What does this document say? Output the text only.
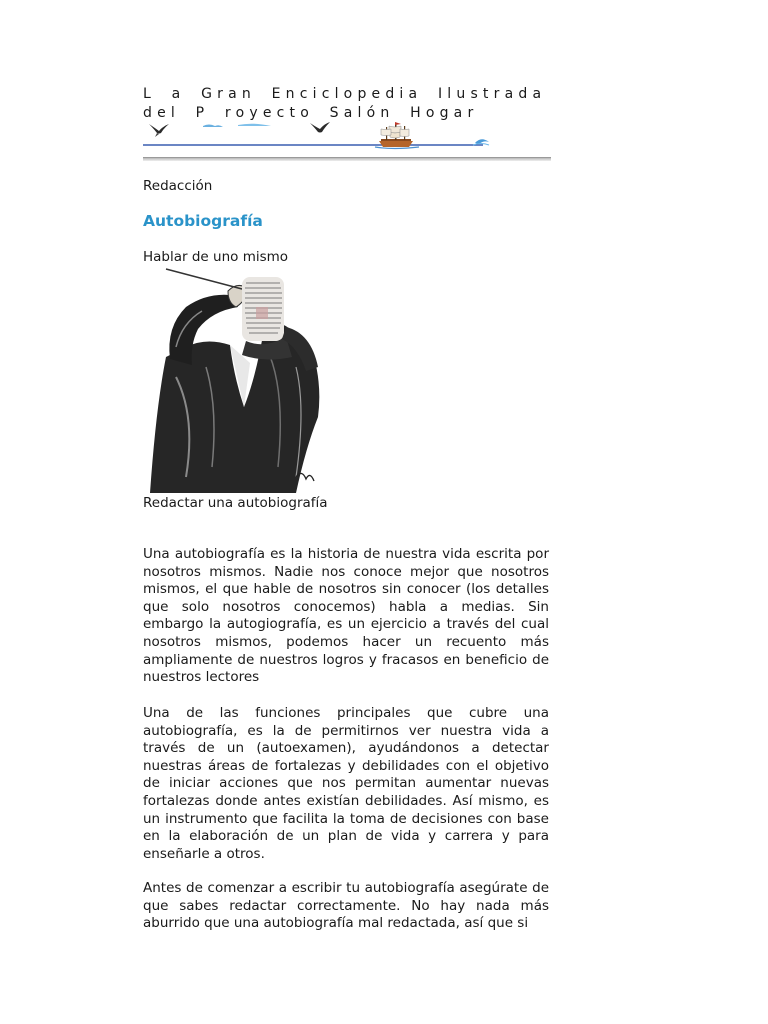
L a Gran Enciclopedia Ilustrada del P royecto Salón Hogar
Redacción
Autobiografía
Hablar de uno mismo
Redactar una autobiografía

Una autobiografía es la historia de nuestra vida escrita por nosotros mismos. Nadie nos conoce mejor que nosotros mismos, el que hable de nosotros sin conocer (los detalles que solo nosotros conocemos) habla a medias. Sin embargo la autogiografía, es un ejercicio a través del cual nosotros mismos, podemos hacer un recuento más ampliamente de nuestros logros y fracasos en beneficio de nuestros lectores

Una de las funciones principales que cubre una autobiografía, es la de permitirnos ver nuestra vida a través de un (autoexamen), ayudándonos a detectar nuestras áreas de fortalezas y debilidades con el objetivo de iniciar acciones que nos permitan aumentar nuevas fortalezas donde antes existían debilidades. Así mismo, es un instrumento que facilita la toma de decisiones con base en la elaboración de un plan de vida y carrera y para enseñarle a otros.

Antes de comenzar a escribir tu autobiografía asegúrate de que sabes redactar correctamente. No hay nada más aburrido que una autobiografía mal redactada, así que si
